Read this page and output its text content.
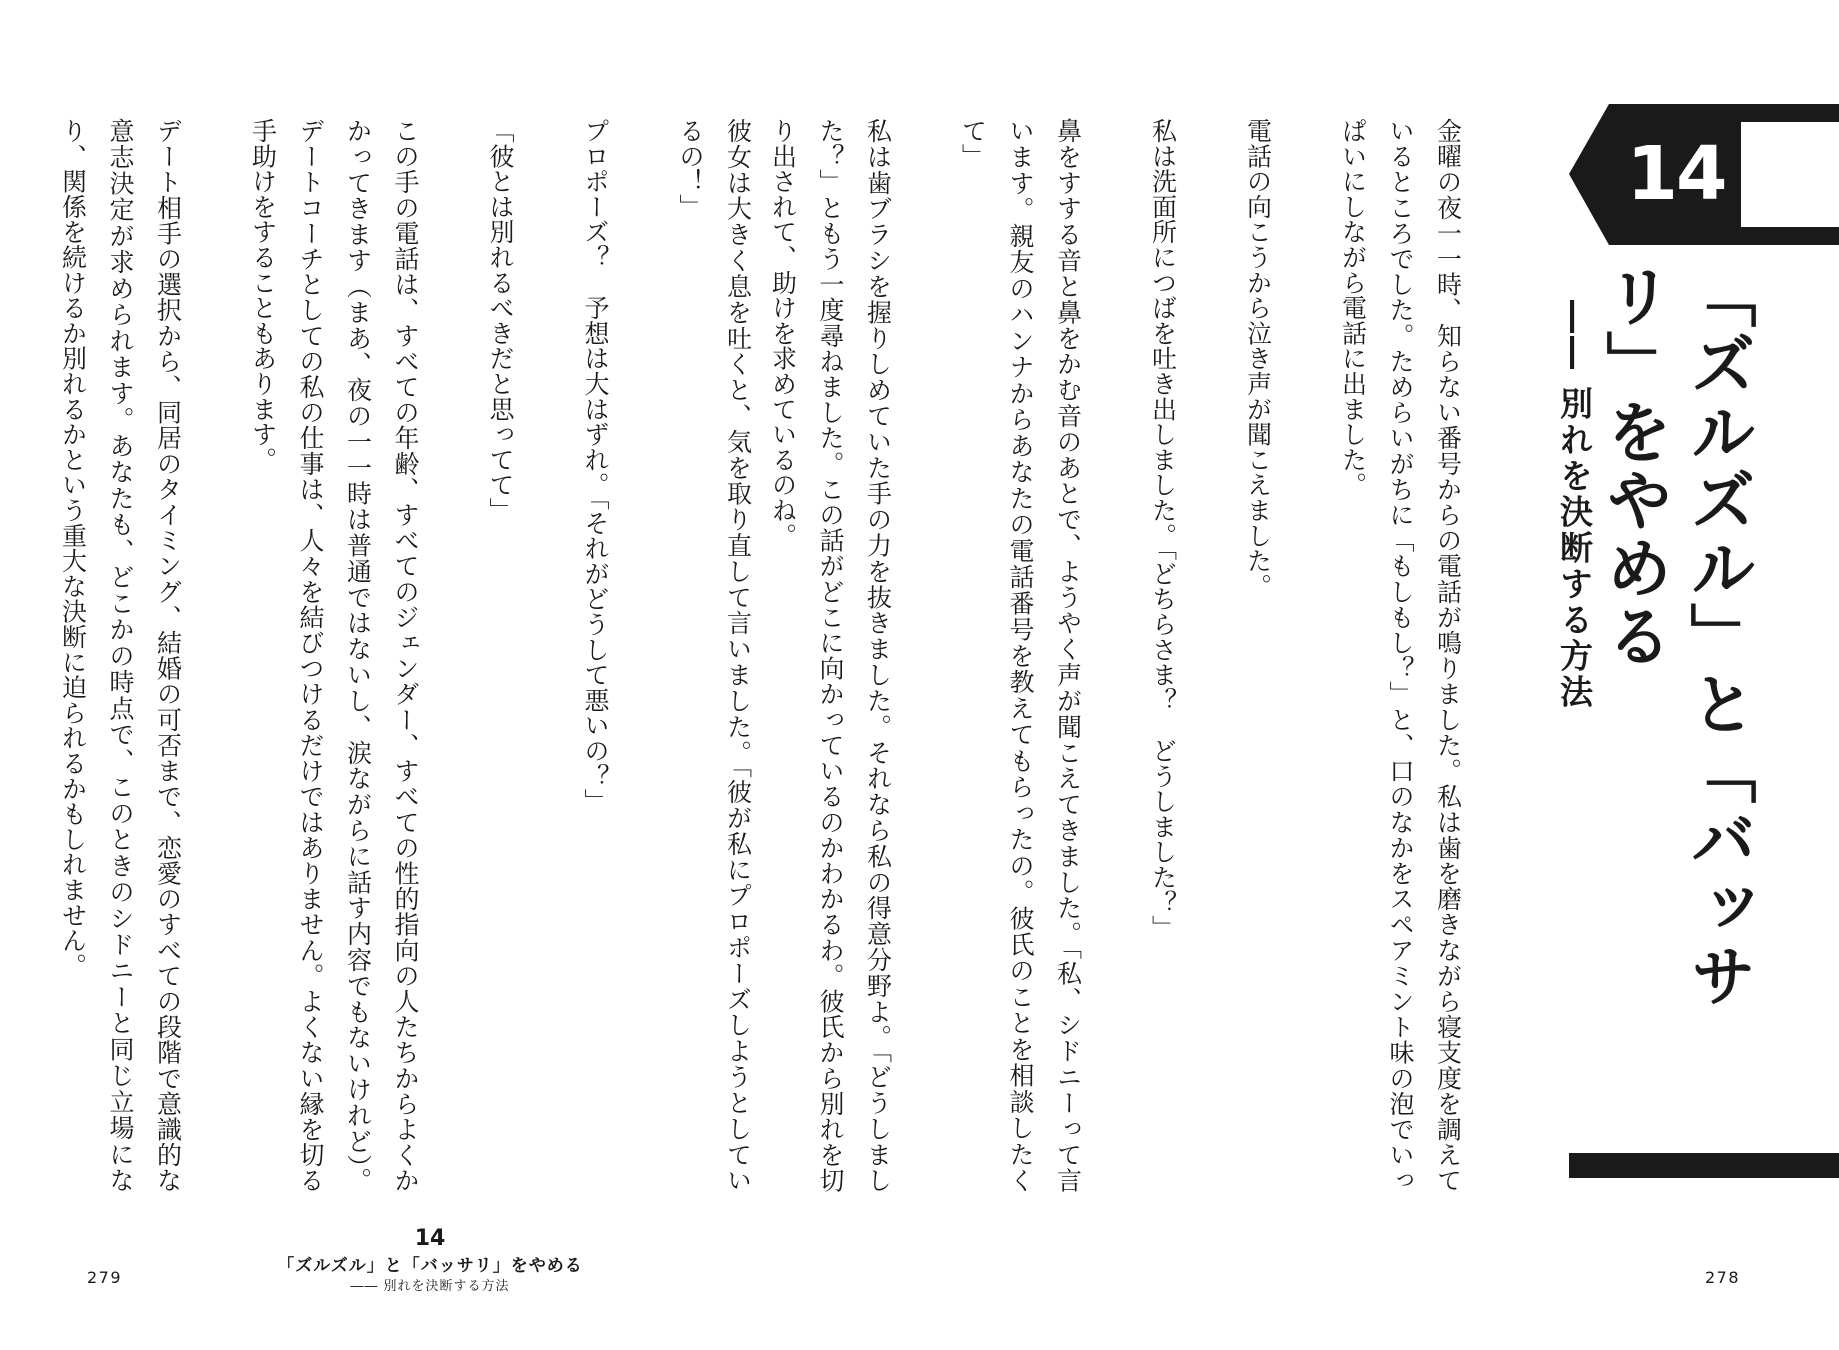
彼女は大きく息を吐くと、気を取り直して言いました。「彼が私にプロポーズしようとしているの！」

プロポーズ？　予想は大はずれ。「それがどうして悪いの？」

「彼とは別れるべきだと思ってて」

この手の電話は、すべての年齢、すべてのジェンダー、すべての性的指向の人たちからよくかかってきます（まあ、夜の一一時は普通ではないし、涙ながらに話す内容でもないけれど）。デートコーチとしての私の仕事は、人々を結びつけるだけではありません。よくない縁を切る手助けをすることもあります。

デート相手の選択から、同居のタイミング、結婚の可否まで、恋愛のすべての段階で意識的な意志決定が求められます。あなたも、どこかの時点で、このときのシドニーと同じ立場になり、関係を続けるか別れるかという重大な決断に迫られるかもしれません。

14
「ズルズル」と「バッサリ」をやめる
―― 別れを決断する方法
279
14
「ズルズル」と「バッサリ」をやめる
―― 別れを決断する方法

金曜の夜一一時、知らない番号からの電話が鳴りました。私は歯を磨きながら寝支度を調えているところでした。ためらいがちに「もしもし？」と、口のなかをスペアミント味の泡でいっぱいにしながら電話に出ました。

電話の向こうから泣き声が聞こえました。

私は洗面所につばを吐き出しました。「どちらさま？　どうしました？」

鼻をすする音と鼻をかむ音のあとで、ようやく声が聞こえてきました。「私、シドニーって言います。親友のハンナからあなたの電話番号を教えてもらったの。彼氏のことを相談したくて」

私は歯ブラシを握りしめていた手の力を抜きました。それなら私の得意分野よ。「どうしました？」ともう一度尋ねました。この話がどこに向かっているのかわかるわ。彼氏から別れを切り出されて、助けを求めているのね。

278
